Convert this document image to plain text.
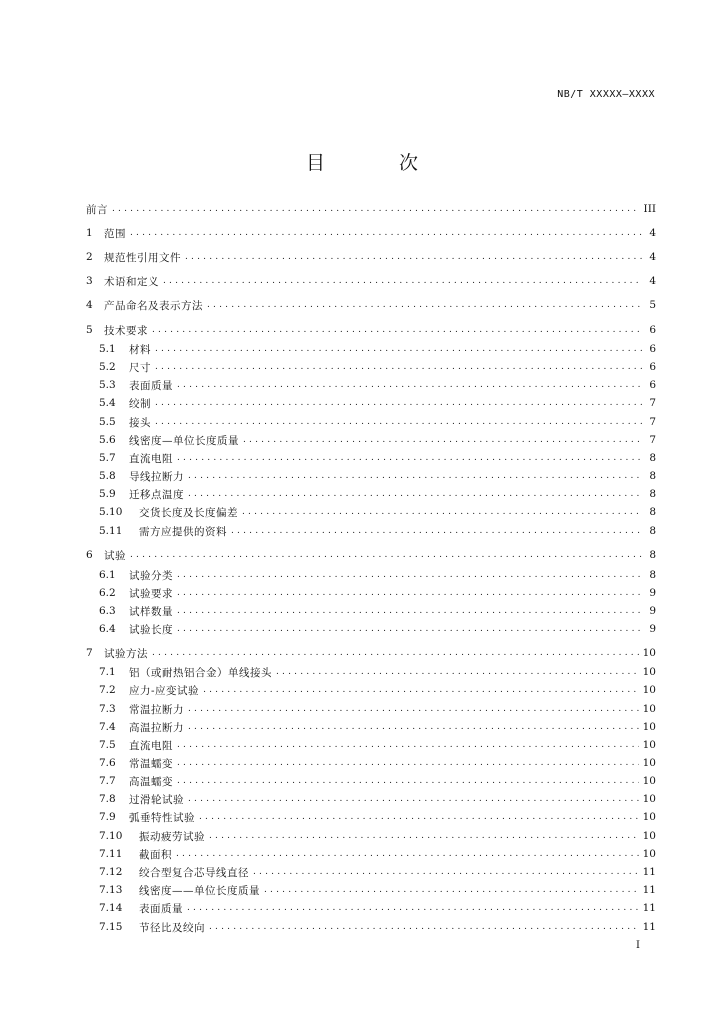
NB/T XXXXX—XXXX
目 次
前言 .....	III
1	范围 .....	4
2	规范性引用文件 .....	4
3	术语和定义 .....	4
4	产品命名及表示方法 .....	5
5	技术要求 .....	6
5.1	材料 .....	6
5.2	尺寸 .....	6
5.3	表面质量 .....	6
5.4	绞制 .....	7
5.5	接头 .....	7
5.6	线密度—单位长度质量 .....	7
5.7	直流电阻 .....	8
5.8	导线拉断力 .....	8
5.9	迁移点温度 .....	8
5.10	交货长度及长度偏差 .....	8
5.11	需方应提供的资料 .....	8
6	试验 .....	8
6.1	试验分类 .....	8
6.2	试验要求 .....	9
6.3	试样数量 .....	9
6.4	试验长度 .....	9
7	试验方法 .....	10
7.1	铝（或耐热铝合金）单线接头 .....	10
7.2	应力-应变试验 .....	10
7.3	常温拉断力 .....	10
7.4	高温拉断力 .....	10
7.5	直流电阻 .....	10
7.6	常温蠕变 .....	10
7.7	高温蠕变 .....	10
7.8	过滑轮试验 .....	10
7.9	弧垂特性试验 .....	10
7.10	振动疲劳试验 .....	10
7.11	截面积 .....	10
7.12	绞合型复合芯导线直径 .....	11
7.13	线密度——单位长度质量 .....	11
7.14	表面质量 .....	11
7.15	节径比及绞向 .....	11
I
